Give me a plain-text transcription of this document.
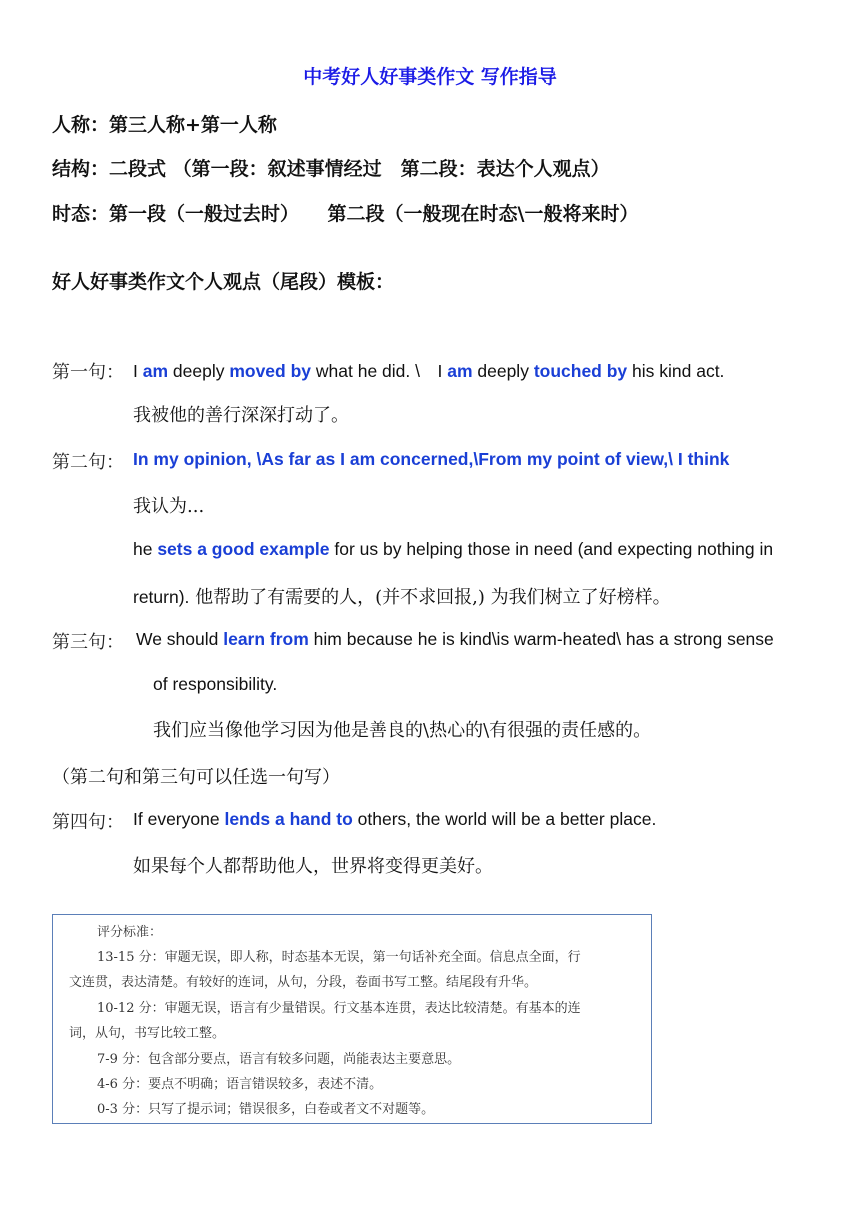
中考好人好事类作文 写作指导
人称：第三人称+第一人称
结构：二段式 （第一段：叙述事情经过　第二段：表达个人观点）
时态：第一段（一般过去时）　　第二段（一般现在时态\一般将来时）
好人好事类作文个人观点（尾段）模板：
第一句： I am deeply moved by what he did. \　I am deeply touched by his kind act.
我被他的善行深深打动了。
第二句： In my opinion, \As far as I am concerned,\From my point of view,\ I think
我认为...
he sets a good example for us by helping those in need (and expecting nothing in
return). 他帮助了有需要的人，(并不求回报,) 为我们树立了好榜样。
第三句： We should learn from him because he is kind\is warm-heated\ has a strong sense
of responsibility.
我们应当像他学习因为他是善良的\热心的\有很强的责任感的。
（第二句和第三句可以任选一句写）
第四句： If everyone lends a hand to others, the world will be a better place.
如果每个人都帮助他人，世界将变得更美好。
评分标准：
13-15 分：审题无误，即人称，时态基本无误，第一句话补充全面。信息点全面，行
文连贯，表达清楚。有较好的连词，从句，分段，卷面书写工整。结尾段有升华。
10-12 分：审题无误，语言有少量错误。行文基本连贯，表达比较清楚。有基本的连
词，从句，书写比较工整。
7-9 分：包含部分要点，语言有较多问题，尚能表达主要意思。
4-6 分：要点不明确；语言错误较多，表述不清。
0-3 分：只写了提示词；错误很多，白卷或者文不对题等。
